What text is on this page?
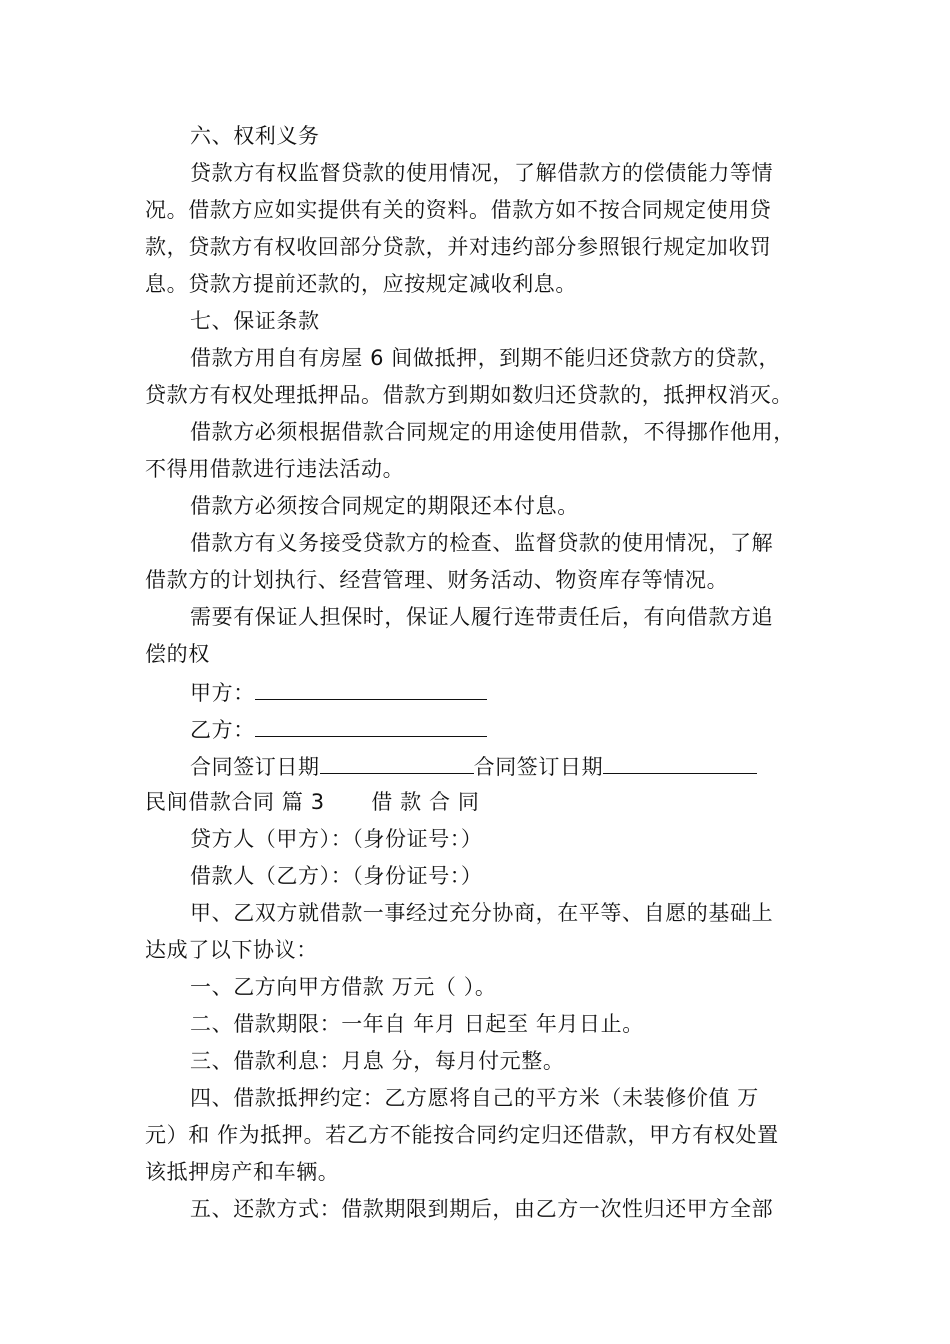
六、权利义务
贷款方有权监督贷款的使用情况，了解借款方的偿债能力等情
况。借款方应如实提供有关的资料。借款方如不按合同规定使用贷
款，贷款方有权收回部分贷款，并对违约部分参照银行规定加收罚
息。贷款方提前还款的，应按规定减收利息。
七、保证条款
借款方用自有房屋 6 间做抵押，到期不能归还贷款方的贷款，
贷款方有权处理抵押品。借款方到期如数归还贷款的，抵押权消灭。
借款方必须根据借款合同规定的用途使用借款，不得挪作他用，
不得用借款进行违法活动。
借款方必须按合同规定的期限还本付息。
借款方有义务接受贷款方的检查、监督贷款的使用情况，了解
借款方的计划执行、经营管理、财务活动、物资库存等情况。
需要有保证人担保时，保证人履行连带责任后，有向借款方追
偿的权
甲方：
乙方：
合同签订日期	合同签订日期
民间借款合同 篇 3 借 款 合 同
贷方人（甲方）：（身份证号：）
借款人（乙方）：（身份证号：）
甲、乙双方就借款一事经过充分协商，在平等、自愿的基础上
达成了以下协议：
一、乙方向甲方借款 万元（ ）。
二、借款期限：一年自 年月 日起至 年月日止。
三、借款利息：月息 分，每月付元整。
四、借款抵押约定：乙方愿将自己的平方米（未装修价值 万
元）和 作为抵押。若乙方不能按合同约定归还借款，甲方有权处置
该抵押房产和车辆。
五、还款方式：借款期限到期后，由乙方一次性归还甲方全部
